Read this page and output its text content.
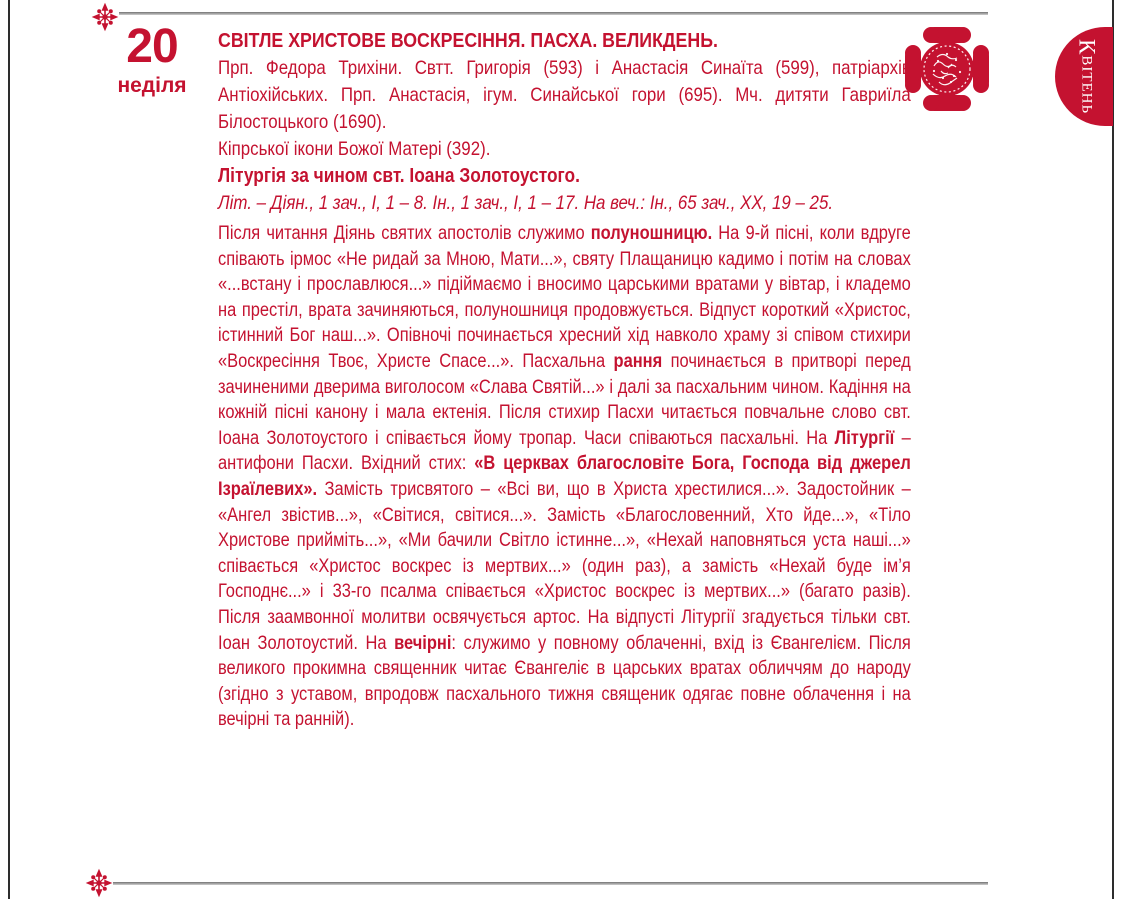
20
неділя
КВІТЕНЬ

СВІТЛЕ ХРИСТОВЕ ВОСКРЕСІННЯ. ПАСХА. ВЕЛИКДЕНЬ.

Прп. Федора Трихіни. Свтт. Григорія (593) і Анастасія Синаїта (599), патріархів Антіохійських. Прп. Анастасія, ігум. Синайської гори (695). Мч. дитяти Гавриїла Білостоцького (1690).

Кіпрської ікони Божої Матері (392).

Літургія за чином свт. Іоана Золотоустого.

Літ. – Діян., 1 зач., І, 1 – 8. Ін., 1 зач., І, 1 – 17. На веч.: Ін., 65 зач., ХХ, 19 – 25.

Після читання Діянь святих апостолів служимо полуношницю. На 9-й пісні, коли вдруге співають ірмос «Не ридай за Мною, Мати...», святу Плащаницю кадимо і потім на словах «...встану і прославлюся...» підіймаємо і вносимо царськими вратами у вівтар, і кладемо на престіл, врата зачиняються, полуношниця продовжується. Відпуст короткий «Христос, істинний Бог наш...». Опівночі починається хресний хід навколо храму зі співом стихири «Воскресіння Твоє, Христе Спасе...». Пасхальна рання починається в притворі перед зачиненими дверима виголосом «Слава Святій...» і далі за пасхальним чином. Кадіння на кожній пісні канону і мала ектенія. Після стихир Пасхи читається повчальне слово свт. Іоана Золотоустого і співається йому тропар. Часи співаються пасхальні. На Літургії – антифони Пасхи. Вхідний стих: «В церквах благословіте Бога, Господа від джерел Ізраїлевих». Замість трисвятого – «Всі ви, що в Христа хрестилися...». Задостойник – «Ангел звістив...», «Світися, світися...». Замість «Благословенний, Хто йде...», «Тіло Христове прийміть...», «Ми бачили Світло істинне...», «Нехай наповняться уста наші...» співається «Христос воскрес із мертвих...» (один раз), а замість «Нехай буде ім’я Господнє...» і 33-го псалма співається «Христос воскрес із мертвих...» (багато разів). Після заамвонної молитви освячується артос. На відпусті Літургії згадується тільки свт. Іоан Золотоустий. На вечірні: служимо у повному облаченні, вхід із Євангелієм. Після великого прокимна священник читає Євангеліє в царських вратах обличчям до народу (згідно з уставом, впродовж пасхального тижня священик одягає повне облачення і на вечірні та ранній).
